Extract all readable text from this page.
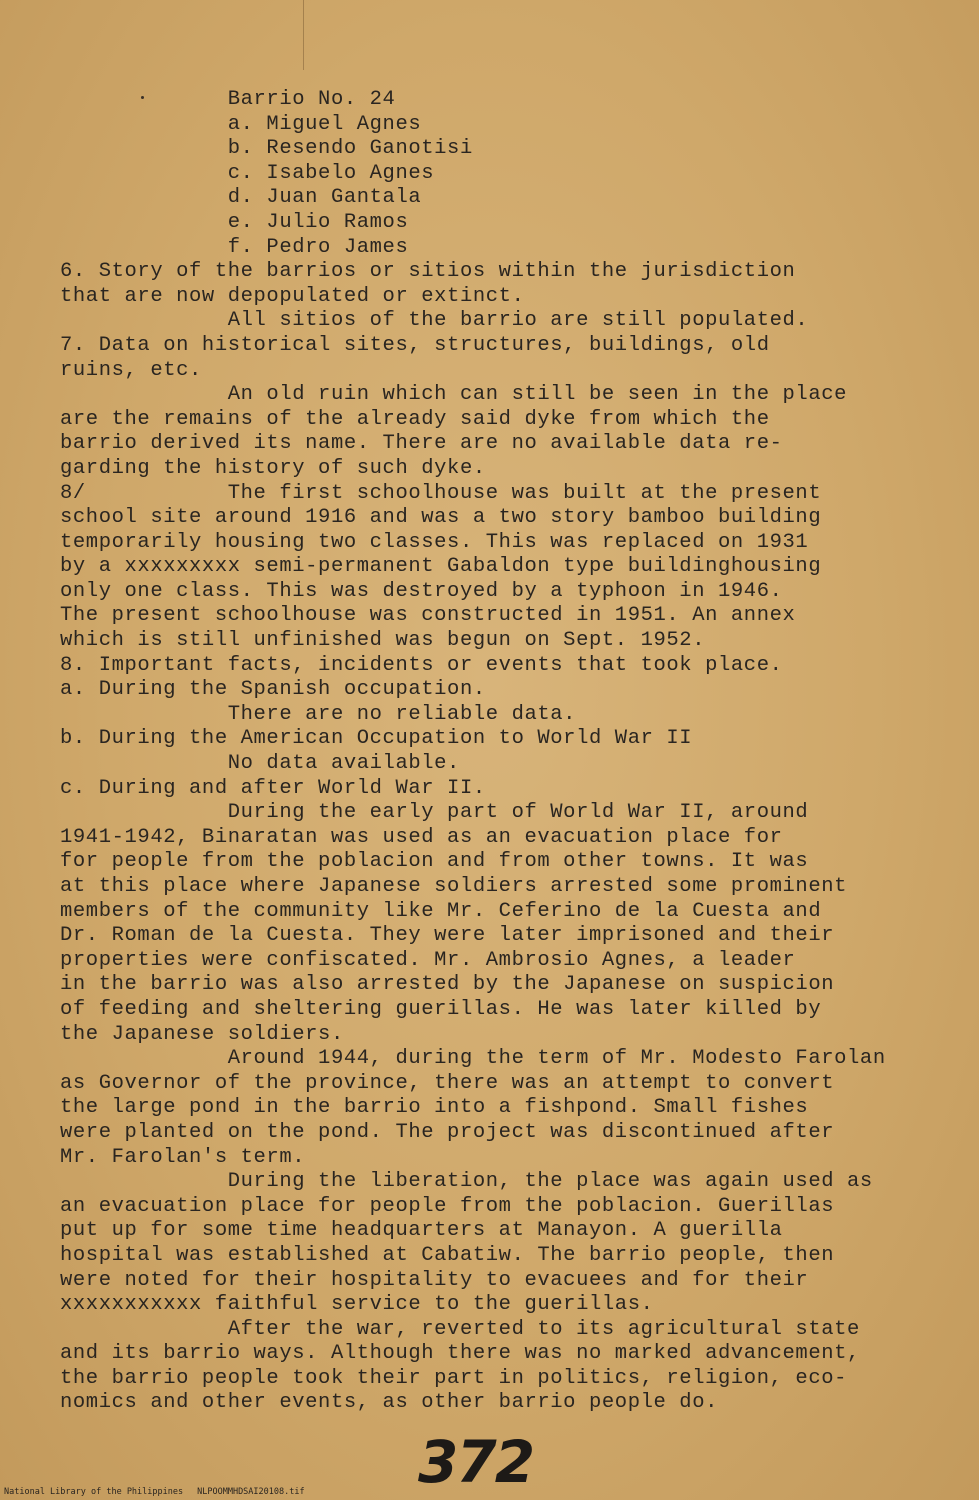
Barrio No. 24
a. Miguel Agnes
b. Resendo Ganotisi
c. Isabelo Agnes
d. Juan Gantala
e. Julio Ramos
f. Pedro James
6. Story of the barrios or sitios within the jurisdiction
that are now depopulated or extinct.
All sitios of the barrio are still populated.
7. Data on historical sites, structures, buildings, old
ruins, etc.
An old ruin which can still be seen in the place
are the remains of the already said dyke from which the
barrio derived its name. There are no available data re-
garding the history of such dyke.
8/           The first schoolhouse was built at the present
school site around 1916 and was a two story bamboo building
temporarily housing two classes. This was replaced on 1931
by a xxxxxxxxx semi-permanent Gabaldon type buildinghousing
only one class. This was destroyed by a typhoon in 1946.
The present schoolhouse was constructed in 1951. An annex
which is still unfinished was begun on Sept. 1952.
8. Important facts, incidents or events that took place.
a. During the Spanish occupation.
There are no reliable data.
b. During the American Occupation to World War II
No data available.
c. During and after World War II.
During the early part of World War II, around
1941-1942, Binaratan was used as an evacuation place for
for people from the poblacion and from other towns. It was
at this place where Japanese soldiers arrested some prominent
members of the community like Mr. Ceferino de la Cuesta and
Dr. Roman de la Cuesta. They were later imprisoned and their
properties were confiscated. Mr. Ambrosio Agnes, a leader
in the barrio was also arrested by the Japanese on suspicion
of feeding and sheltering guerillas. He was later killed by
the Japanese soldiers.
Around 1944, during the term of Mr. Modesto Farolan
as Governor of the province, there was an attempt to convert
the large pond in the barrio into a fishpond. Small fishes
were planted on the pond. The project was discontinued after
Mr. Farolan's term.
During the liberation, the place was again used as
an evacuation place for people from the poblacion. Guerillas
put up for some time headquarters at Manayon. A guerilla
hospital was established at Cabatiw. The barrio people, then
were noted for their hospitality to evacuees and for their
xxxxxxxxxxx faithful service to the guerillas.
After the war, reverted to its agricultural state
and its barrio ways. Although there was no marked advancement,
the barrio people took their part in politics, religion, eco-
nomics and other events, as other barrio people do.
372
National Library of the Philippines NLPOOMMHDSAI20108.tif
